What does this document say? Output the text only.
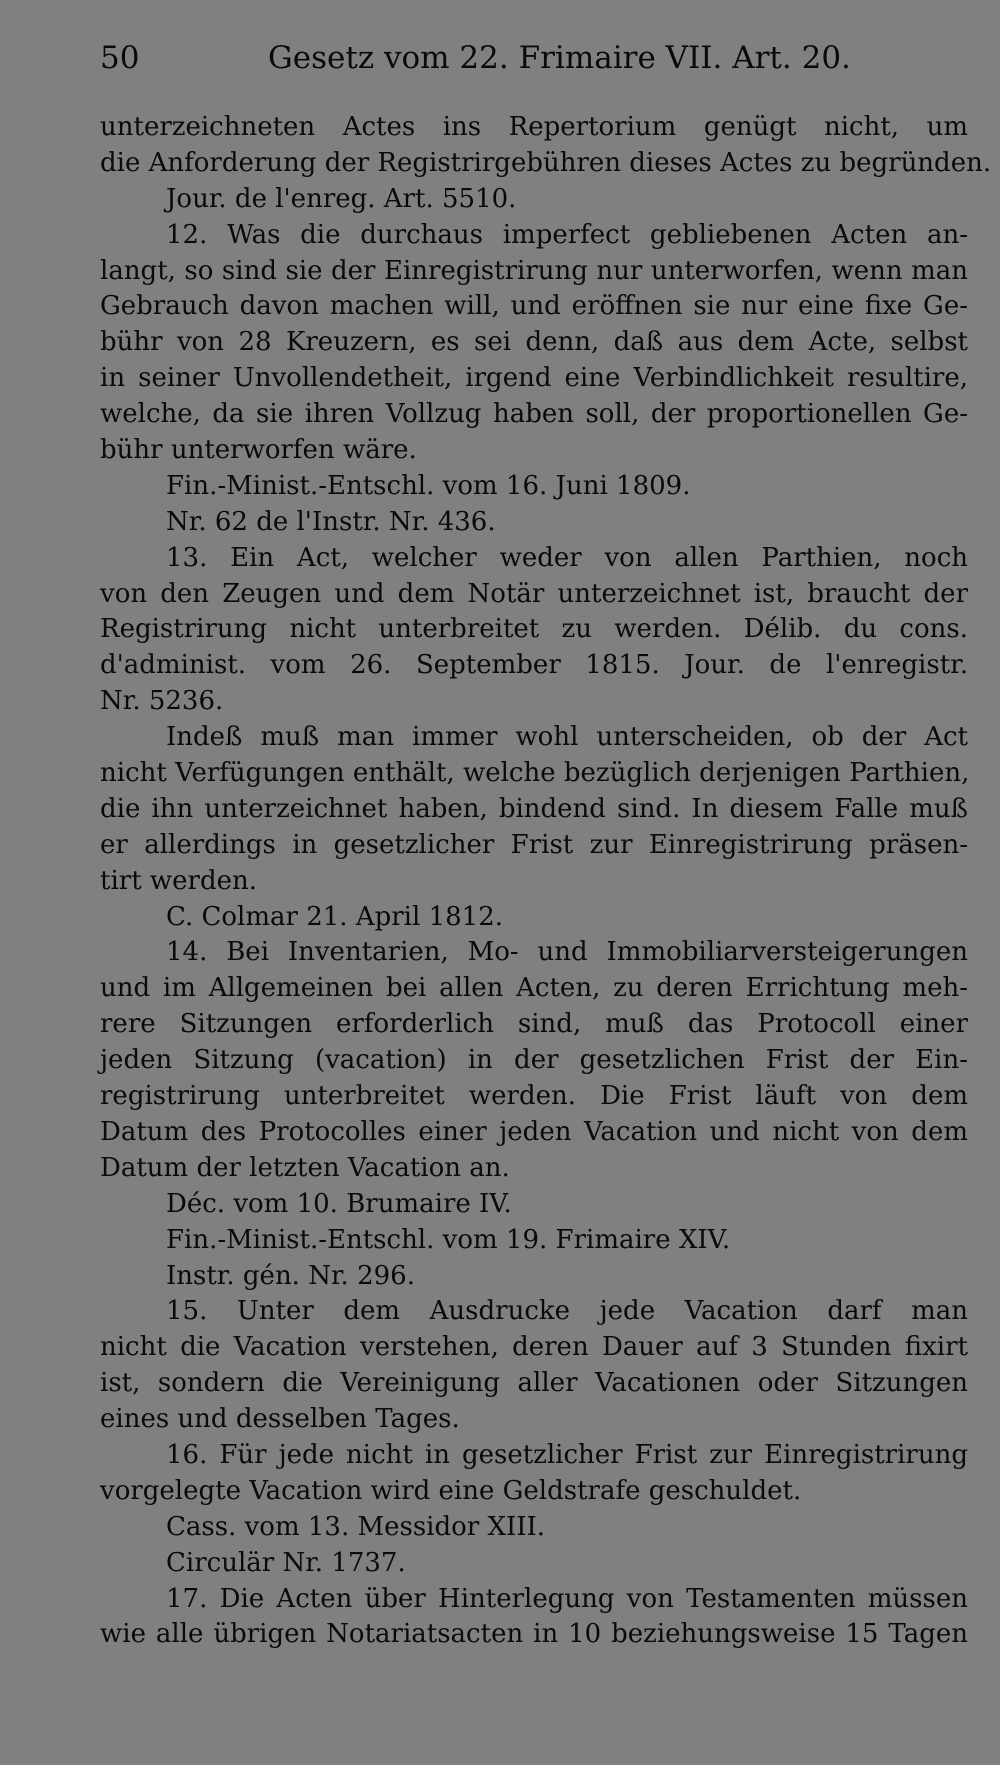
50	Gesetz vom 22. Frimaire VII. Art. 20.
unterzeichneten Actes ins Repertorium genügt nicht, um
die Anforderung der Registrirgebühren dieses Actes zu begründen.
Jour. de l'enreg. Art. 5510.
12. Was die durchaus imperfect gebliebenen Acten an-
langt, so sind sie der Einregistrirung nur unterworfen, wenn man
Gebrauch davon machen will, und eröffnen sie nur eine fixe Ge-
bühr von 28 Kreuzern, es sei denn, daß aus dem Acte, selbst
in seiner Unvollendetheit, irgend eine Verbindlichkeit resultire,
welche, da sie ihren Vollzug haben soll, der proportionellen Ge-
bühr unterworfen wäre.
Fin.-Minist.-Entschl. vom 16. Juni 1809.
Nr. 62 de l'Instr. Nr. 436.
13. Ein Act, welcher weder von allen Parthien, noch
von den Zeugen und dem Notär unterzeichnet ist, braucht der
Registrirung nicht unterbreitet zu werden. Délib. du cons.
d'administ. vom 26. September 1815. Jour. de l'enregistr.
Nr. 5236.
Indeß muß man immer wohl unterscheiden, ob der Act
nicht Verfügungen enthält, welche bezüglich derjenigen Parthien,
die ihn unterzeichnet haben, bindend sind. In diesem Falle muß
er allerdings in gesetzlicher Frist zur Einregistrirung präsen-
tirt werden.
C. Colmar 21. April 1812.
14. Bei Inventarien, Mo- und Immobiliarversteigerungen
und im Allgemeinen bei allen Acten, zu deren Errichtung meh-
rere Sitzungen erforderlich sind, muß das Protocoll einer
jeden Sitzung (vacation) in der gesetzlichen Frist der Ein-
registrirung unterbreitet werden. Die Frist läuft von dem
Datum des Protocolles einer jeden Vacation und nicht von dem
Datum der letzten Vacation an.
Déc. vom 10. Brumaire IV.
Fin.-Minist.-Entschl. vom 19. Frimaire XIV.
Instr. gén. Nr. 296.
15. Unter dem Ausdrucke jede Vacation darf man
nicht die Vacation verstehen, deren Dauer auf 3 Stunden fixirt
ist, sondern die Vereinigung aller Vacationen oder Sitzungen
eines und desselben Tages.
16. Für jede nicht in gesetzlicher Frist zur Einregistrirung
vorgelegte Vacation wird eine Geldstrafe geschuldet.
Cass. vom 13. Messidor XIII.
Circulär Nr. 1737.
17. Die Acten über Hinterlegung von Testamenten müssen
wie alle übrigen Notariatsacten in 10 beziehungsweise 15 Tagen
